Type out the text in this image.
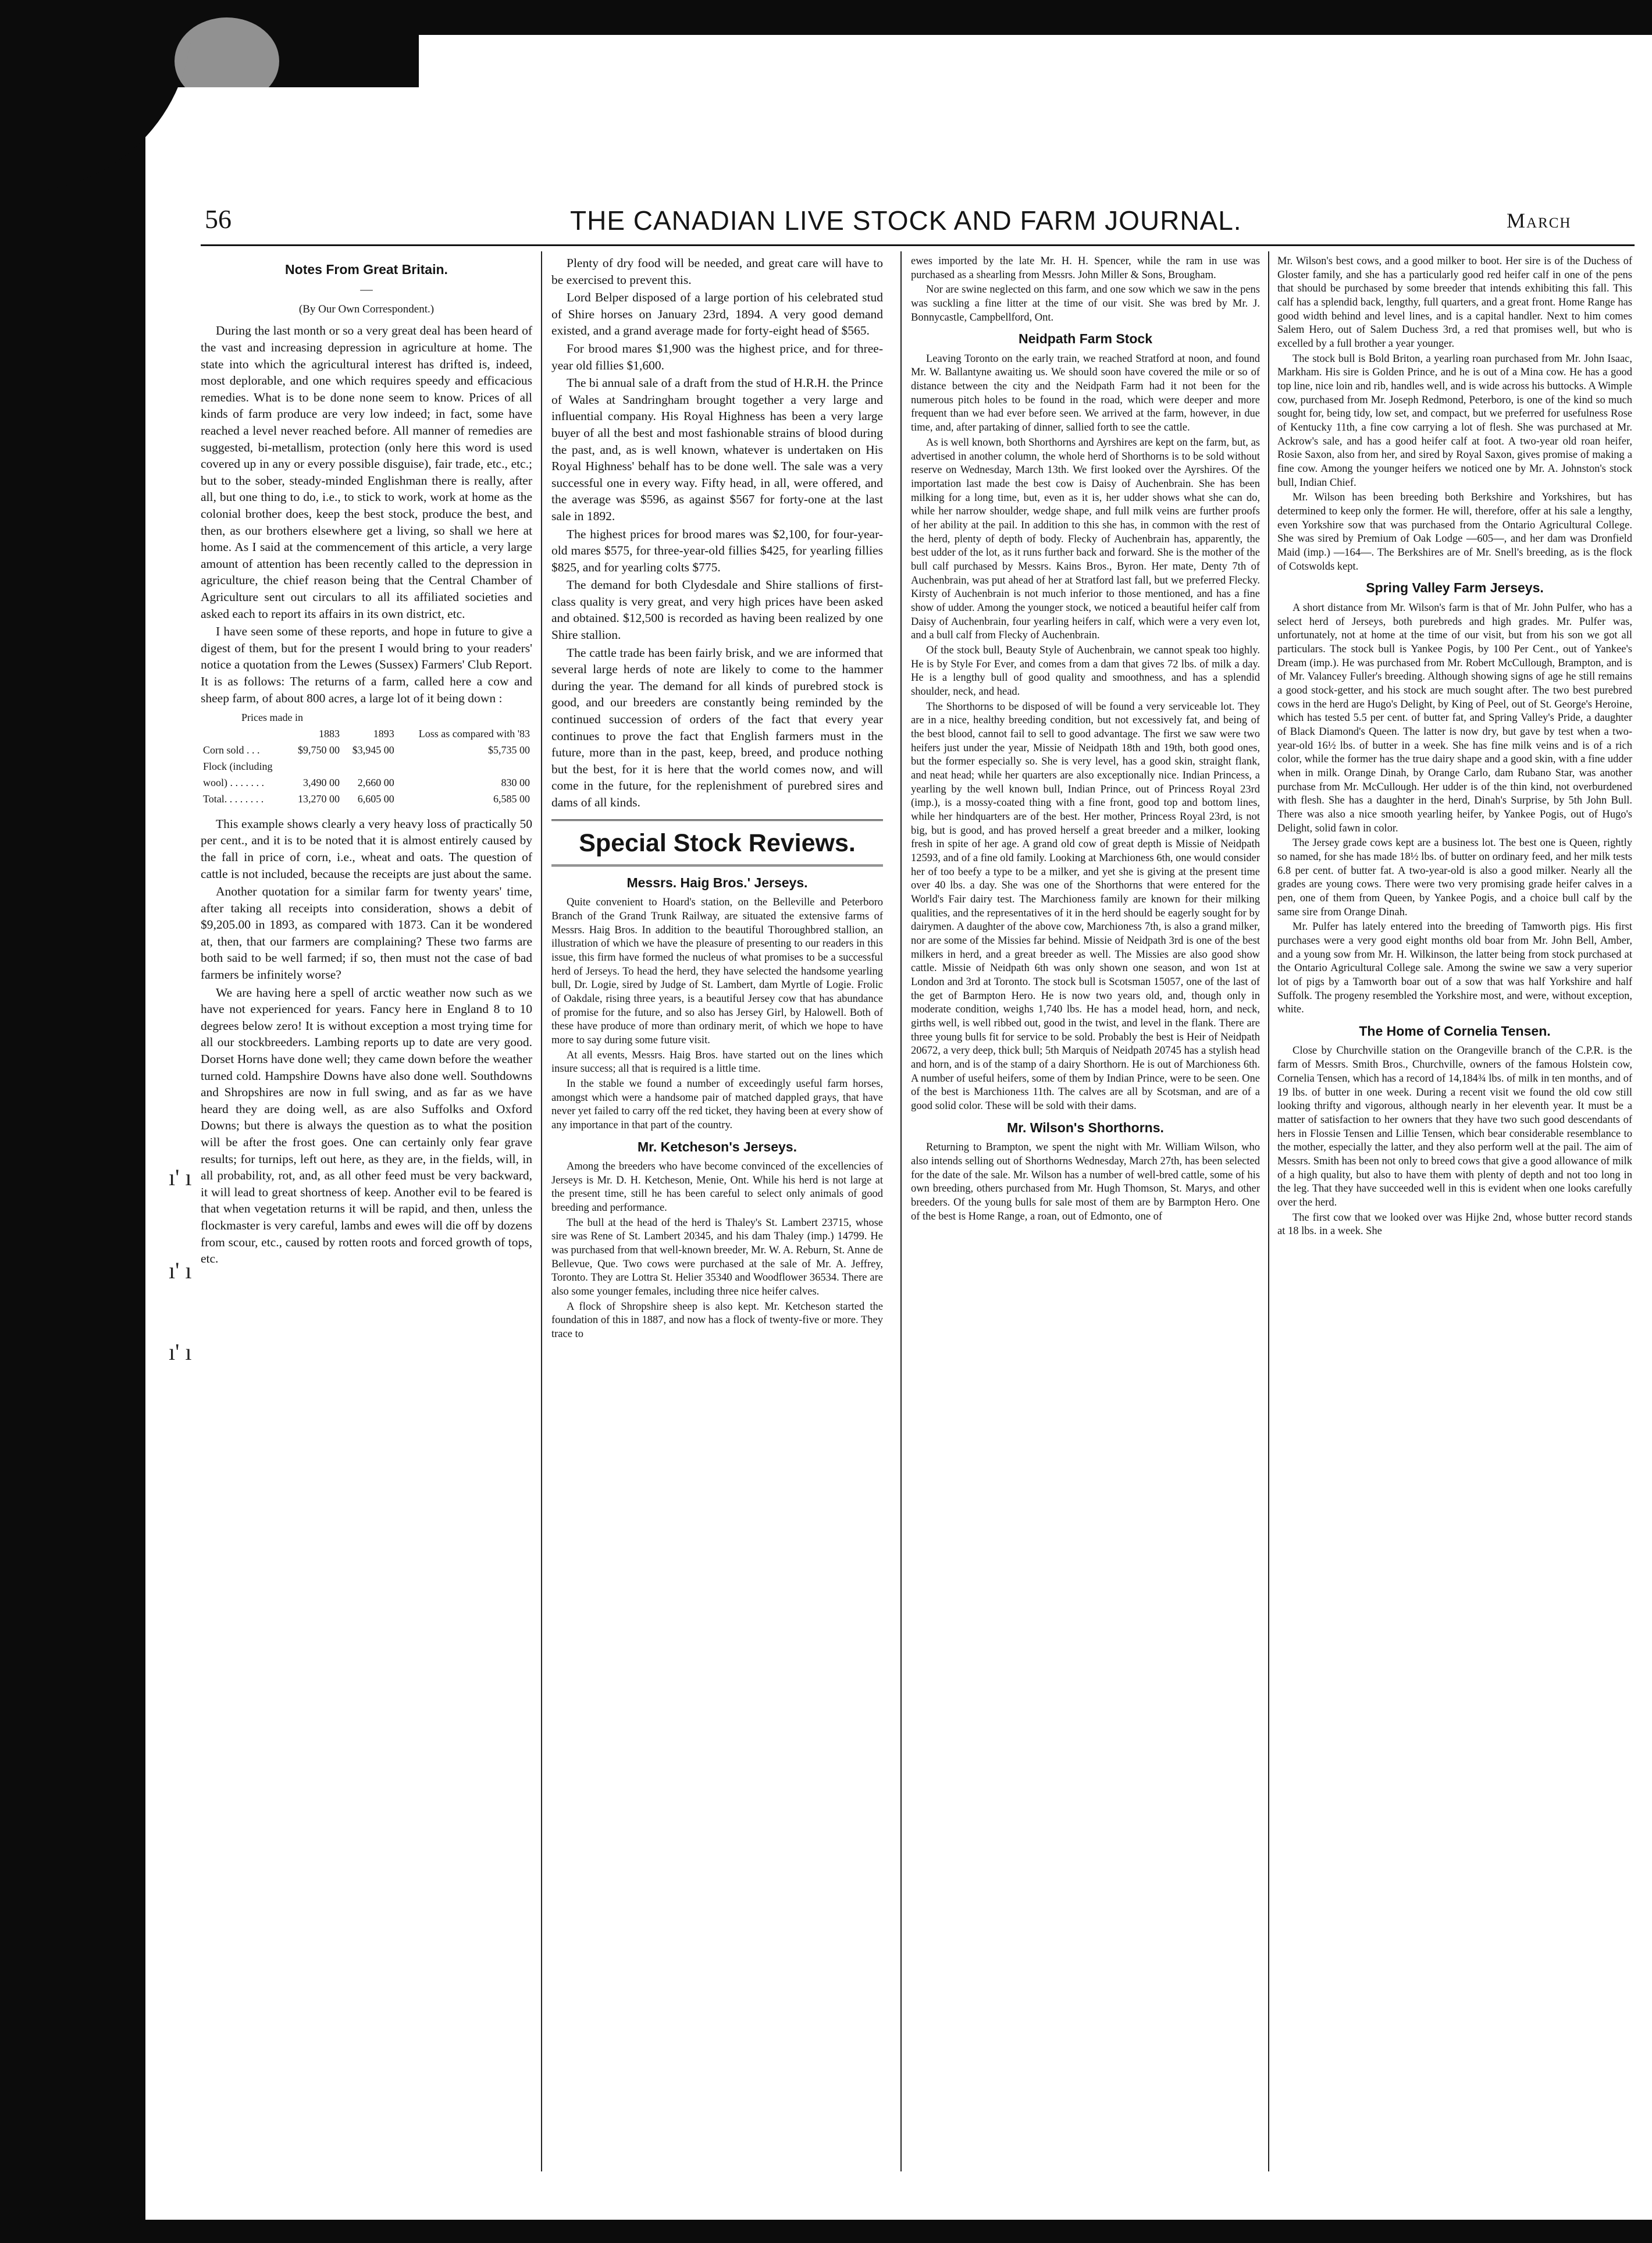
ı' ı
ı' ı
ı' ı
56	THE CANADIAN LIVE STOCK AND FARM JOURNAL.	March
Notes From Great Britain.

—

(By Our Own Correspondent.)

During the last month or so a very great deal has been heard of the vast and increasing depression in agriculture at home. The state into which the agricultural interest has drifted is, indeed, most deplorable, and one which requires speedy and efficacious remedies. What is to be done none seem to know. Prices of all kinds of farm produce are very low indeed; in fact, some have reached a level never reached before. All manner of remedies are suggested, bi-metallism, protection (only here this word is used covered up in any or every possible disguise), fair trade, etc., etc.; but to the sober, steady-minded Englishman there is really, after all, but one thing to do, i.e., to stick to work, work at home as the colonial brother does, keep the best stock, produce the best, and then, as our brothers elsewhere get a living, so shall we here at home. As I said at the commencement of this article, a very large amount of attention has been recently called to the depression in agriculture, the chief reason being that the Central Chamber of Agriculture sent out circulars to all its affiliated societies and asked each to report its affairs in its own district, etc.

I have seen some of these reports, and hope in future to give a digest of them, but for the present I would bring to your readers' notice a quotation from the Lewes (Sussex) Farmers' Club Report. It is as follows: The returns of a farm, called here a cow and sheep farm, of about 800 acres, a large lot of it being down :

Prices made in			
	1883	1893	Loss as compared with '83
Corn sold . . .	$9,750 00	$3,945 00	$5,735 00
Flock (including			
wool) . . . . . . .	3,490 00	2,660 00	830 00
Total. . . . . . . .	13,270 00	6,605 00	6,585 00

This example shows clearly a very heavy loss of practically 50 per cent., and it is to be noted that it is almost entirely caused by the fall in price of corn, i.e., wheat and oats. The question of cattle is not included, because the receipts are just about the same.

Another quotation for a similar farm for twenty years' time, after taking all receipts into consideration, shows a debit of $9,205.00 in 1893, as compared with 1873. Can it be wondered at, then, that our farmers are complaining? These two farms are both said to be well farmed; if so, then must not the case of bad farmers be infinitely worse?

We are having here a spell of arctic weather now such as we have not experienced for years. Fancy here in England 8 to 10 degrees below zero! It is without exception a most trying time for all our stockbreeders. Lambing reports up to date are very good. Dorset Horns have done well; they came down before the weather turned cold. Hampshire Downs have also done well. Southdowns and Shropshires are now in full swing, and as far as we have heard they are doing well, as are also Suffolks and Oxford Downs; but there is always the question as to what the position will be after the frost goes. One can certainly only fear grave results; for turnips, left out here, as they are, in the fields, will, in all probability, rot, and, as all other feed must be very backward, it will lead to great shortness of keep. Another evil to be feared is that when vegetation returns it will be rapid, and then, unless the flockmaster is very careful, lambs and ewes will die off by dozens from scour, etc., caused by rotten roots and forced growth of tops, etc.

Plenty of dry food will be needed, and great care will have to be exercised to prevent this.

Lord Belper disposed of a large portion of his celebrated stud of Shire horses on January 23rd, 1894. A very good demand existed, and a grand average made for forty-eight head of $565.

For brood mares $1,900 was the highest price, and for three-year old fillies $1,600.

The bi annual sale of a draft from the stud of H.R.H. the Prince of Wales at Sandringham brought together a very large and influential company. His Royal Highness has been a very large buyer of all the best and most fashionable strains of blood during the past, and, as is well known, whatever is undertaken on His Royal Highness' behalf has to be done well. The sale was a very successful one in every way. Fifty head, in all, were offered, and the average was $596, as against $567 for forty-one at the last sale in 1892.

The highest prices for brood mares was $2,100, for four-year-old mares $575, for three-year-old fillies $425, for yearling fillies $825, and for yearling colts $775.

The demand for both Clydesdale and Shire stallions of first-class quality is very great, and very high prices have been asked and obtained. $12,500 is recorded as having been realized by one Shire stallion.

The cattle trade has been fairly brisk, and we are informed that several large herds of note are likely to come to the hammer during the year. The demand for all kinds of purebred stock is good, and our breeders are constantly being reminded by the continued succession of orders of the fact that every year continues to prove the fact that English farmers must in the future, more than in the past, keep, breed, and produce nothing but the best, for it is here that the world comes now, and will come in the future, for the replenishment of purebred sires and dams of all kinds.

Special Stock Reviews.
Messrs. Haig Bros.' Jerseys.

Quite convenient to Hoard's station, on the Belleville and Peterboro Branch of the Grand Trunk Railway, are situated the extensive farms of Messrs. Haig Bros. In addition to the beautiful Thoroughbred stallion, an illustration of which we have the pleasure of presenting to our readers in this issue, this firm have formed the nucleus of what promises to be a successful herd of Jerseys. To head the herd, they have selected the handsome yearling bull, Dr. Logie, sired by Judge of St. Lambert, dam Myrtle of Logie. Frolic of Oakdale, rising three years, is a beautiful Jersey cow that has abundance of promise for the future, and so also has Jersey Girl, by Halowell. Both of these have produce of more than ordinary merit, of which we hope to have more to say during some future visit.

At all events, Messrs. Haig Bros. have started out on the lines which insure success; all that is required is a little time.

In the stable we found a number of exceedingly useful farm horses, amongst which were a handsome pair of matched dappled grays, that have never yet failed to carry off the red ticket, they having been at every show of any importance in that part of the country.

Mr. Ketcheson's Jerseys.

Among the breeders who have become convinced of the excellencies of Jerseys is Mr. D. H. Ketcheson, Menie, Ont. While his herd is not large at the present time, still he has been careful to select only animals of good breeding and performance.

The bull at the head of the herd is Thaley's St. Lambert 23715, whose sire was Rene of St. Lambert 20345, and his dam Thaley (imp.) 14799. He was purchased from that well-known breeder, Mr. W. A. Reburn, St. Anne de Bellevue, Que. Two cows were purchased at the sale of Mr. A. Jeffrey, Toronto. They are Lottra St. Helier 35340 and Woodflower 36534. There are also some younger females, including three nice heifer calves.

A flock of Shropshire sheep is also kept. Mr. Ketcheson started the foundation of this in 1887, and now has a flock of twenty-five or more. They trace to

ewes imported by the late Mr. H. H. Spencer, while the ram in use was purchased as a shearling from Messrs. John Miller & Sons, Brougham.

Nor are swine neglected on this farm, and one sow which we saw in the pens was suckling a fine litter at the time of our visit. She was bred by Mr. J. Bonnycastle, Campbellford, Ont.

Neidpath Farm Stock

Leaving Toronto on the early train, we reached Stratford at noon, and found Mr. W. Ballantyne awaiting us. We should soon have covered the mile or so of distance between the city and the Neidpath Farm had it not been for the numerous pitch holes to be found in the road, which were deeper and more frequent than we had ever before seen. We arrived at the farm, however, in due time, and, after partaking of dinner, sallied forth to see the cattle.

As is well known, both Shorthorns and Ayrshires are kept on the farm, but, as advertised in another column, the whole herd of Shorthorns is to be sold without reserve on Wednesday, March 13th. We first looked over the Ayrshires. Of the importation last made the best cow is Daisy of Auchenbrain. She has been milking for a long time, but, even as it is, her udder shows what she can do, while her narrow shoulder, wedge shape, and full milk veins are further proofs of her ability at the pail. In addition to this she has, in common with the rest of the herd, plenty of depth of body. Flecky of Auchenbrain has, apparently, the best udder of the lot, as it runs further back and forward. She is the mother of the bull calf purchased by Messrs. Kains Bros., Byron. Her mate, Denty 7th of Auchenbrain, was put ahead of her at Stratford last fall, but we preferred Flecky. Kirsty of Auchenbrain is not much inferior to those mentioned, and has a fine show of udder. Among the younger stock, we noticed a beautiful heifer calf from Daisy of Auchenbrain, four yearling heifers in calf, which were a very even lot, and a bull calf from Flecky of Auchenbrain.

Of the stock bull, Beauty Style of Auchenbrain, we cannot speak too highly. He is by Style For Ever, and comes from a dam that gives 72 lbs. of milk a day. He is a lengthy bull of good quality and smoothness, and has a splendid shoulder, neck, and head.

The Shorthorns to be disposed of will be found a very serviceable lot. They are in a nice, healthy breeding condition, but not excessively fat, and being of the best blood, cannot fail to sell to good advantage. The first we saw were two heifers just under the year, Missie of Neidpath 18th and 19th, both good ones, but the former especially so. She is very level, has a good skin, straight flank, and neat head; while her quarters are also exceptionally nice. Indian Princess, a yearling by the well known bull, Indian Prince, out of Princess Royal 23rd (imp.), is a mossy-coated thing with a fine front, good top and bottom lines, while her hindquarters are of the best. Her mother, Princess Royal 23rd, is not big, but is good, and has proved herself a great breeder and a milker, looking fresh in spite of her age. A grand old cow of great depth is Missie of Neidpath 12593, and of a fine old family. Looking at Marchioness 6th, one would consider her of too beefy a type to be a milker, and yet she is giving at the present time over 40 lbs. a day. She was one of the Shorthorns that were entered for the World's Fair dairy test. The Marchioness family are known for their milking qualities, and the representatives of it in the herd should be eagerly sought for by dairymen. A daughter of the above cow, Marchioness 7th, is also a grand milker, nor are some of the Missies far behind. Missie of Neidpath 3rd is one of the best milkers in herd, and a great breeder as well. The Missies are also good show cattle. Missie of Neidpath 6th was only shown one season, and won 1st at London and 3rd at Toronto. The stock bull is Scotsman 15057, one of the last of the get of Barmpton Hero. He is now two years old, and, though only in moderate condition, weighs 1,740 lbs. He has a model head, horn, and neck, girths well, is well ribbed out, good in the twist, and level in the flank. There are three young bulls fit for service to be sold. Probably the best is Heir of Neidpath 20672, a very deep, thick bull; 5th Marquis of Neidpath 20745 has a stylish head and horn, and is of the stamp of a dairy Shorthorn. He is out of Marchioness 6th. A number of useful heifers, some of them by Indian Prince, were to be seen. One of the best is Marchioness 11th. The calves are all by Scotsman, and are of a good solid color. These will be sold with their dams.

Mr. Wilson's Shorthorns.

Returning to Brampton, we spent the night with Mr. William Wilson, who also intends selling out of Shorthorns Wednesday, March 27th, has been selected for the date of the sale. Mr. Wilson has a number of well-bred cattle, some of his own breeding, others purchased from Mr. Hugh Thomson, St. Marys, and other breeders. Of the young bulls for sale most of them are by Barmpton Hero. One of the best is Home Range, a roan, out of Edmonto, one of

Mr. Wilson's best cows, and a good milker to boot. Her sire is of the Duchess of Gloster family, and she has a particularly good red heifer calf in one of the pens that should be purchased by some breeder that intends exhibiting this fall. This calf has a splendid back, lengthy, full quarters, and a great front. Home Range has good width behind and level lines, and is a capital handler. Next to him comes Salem Hero, out of Salem Duchess 3rd, a red that promises well, but who is excelled by a full brother a year younger.

The stock bull is Bold Briton, a yearling roan purchased from Mr. John Isaac, Markham. His sire is Golden Prince, and he is out of a Mina cow. He has a good top line, nice loin and rib, handles well, and is wide across his buttocks. A Wimple cow, purchased from Mr. Joseph Redmond, Peterboro, is one of the kind so much sought for, being tidy, low set, and compact, but we preferred for usefulness Rose of Kentucky 11th, a fine cow carrying a lot of flesh. She was purchased at Mr. Ackrow's sale, and has a good heifer calf at foot. A two-year old roan heifer, Rosie Saxon, also from her, and sired by Royal Saxon, gives promise of making a fine cow. Among the younger heifers we noticed one by Mr. A. Johnston's stock bull, Indian Chief.

Mr. Wilson has been breeding both Berkshire and Yorkshires, but has determined to keep only the former. He will, therefore, offer at his sale a lengthy, even Yorkshire sow that was purchased from the Ontario Agricultural College. She was sired by Premium of Oak Lodge —605—, and her dam was Dronfield Maid (imp.) —164—. The Berkshires are of Mr. Snell's breeding, as is the flock of Cotswolds kept.

Spring Valley Farm Jerseys.

A short distance from Mr. Wilson's farm is that of Mr. John Pulfer, who has a select herd of Jerseys, both purebreds and high grades. Mr. Pulfer was, unfortunately, not at home at the time of our visit, but from his son we got all particulars. The stock bull is Yankee Pogis, by 100 Per Cent., out of Yankee's Dream (imp.). He was purchased from Mr. Robert McCullough, Brampton, and is of Mr. Valancey Fuller's breeding. Although showing signs of age he still remains a good stock-getter, and his stock are much sought after. The two best purebred cows in the herd are Hugo's Delight, by King of Peel, out of St. George's Heroine, which has tested 5.5 per cent. of butter fat, and Spring Valley's Pride, a daughter of Black Diamond's Queen. The latter is now dry, but gave by test when a two-year-old 16½ lbs. of butter in a week. She has fine milk veins and is of a rich color, while the former has the true dairy shape and a good skin, with a fine udder when in milk. Orange Dinah, by Orange Carlo, dam Rubano Star, was another purchase from Mr. McCullough. Her udder is of the thin kind, not overburdened with flesh. She has a daughter in the herd, Dinah's Surprise, by 5th John Bull. There was also a nice smooth yearling heifer, by Yankee Pogis, out of Hugo's Delight, solid fawn in color.

The Jersey grade cows kept are a business lot. The best one is Queen, rightly so named, for she has made 18½ lbs. of butter on ordinary feed, and her milk tests 6.8 per cent. of butter fat. A two-year-old is also a good milker. Nearly all the grades are young cows. There were two very promising grade heifer calves in a pen, one of them from Queen, by Yankee Pogis, and a choice bull calf by the same sire from Orange Dinah.

Mr. Pulfer has lately entered into the breeding of Tamworth pigs. His first purchases were a very good eight months old boar from Mr. John Bell, Amber, and a young sow from Mr. H. Wilkinson, the latter being from stock purchased at the Ontario Agricultural College sale. Among the swine we saw a very superior lot of pigs by a Tamworth boar out of a sow that was half Yorkshire and half Suffolk. The progeny resembled the Yorkshire most, and were, without exception, white.

The Home of Cornelia Tensen.

Close by Churchville station on the Orangeville branch of the C.P.R. is the farm of Messrs. Smith Bros., Churchville, owners of the famous Holstein cow, Cornelia Tensen, which has a record of 14,184¾ lbs. of milk in ten months, and of 19 lbs. of butter in one week. During a recent visit we found the old cow still looking thrifty and vigorous, although nearly in her eleventh year. It must be a matter of satisfaction to her owners that they have two such good descendants of hers in Flossie Tensen and Lillie Tensen, which bear considerable resemblance to the mother, especially the latter, and they also perform well at the pail. The aim of Messrs. Smith has been not only to breed cows that give a good allowance of milk of a high quality, but also to have them with plenty of depth and not too long in the leg. That they have succeeded well in this is evident when one looks carefully over the herd.

The first cow that we looked over was Hijke 2nd, whose butter record stands at 18 lbs. in a week. She
